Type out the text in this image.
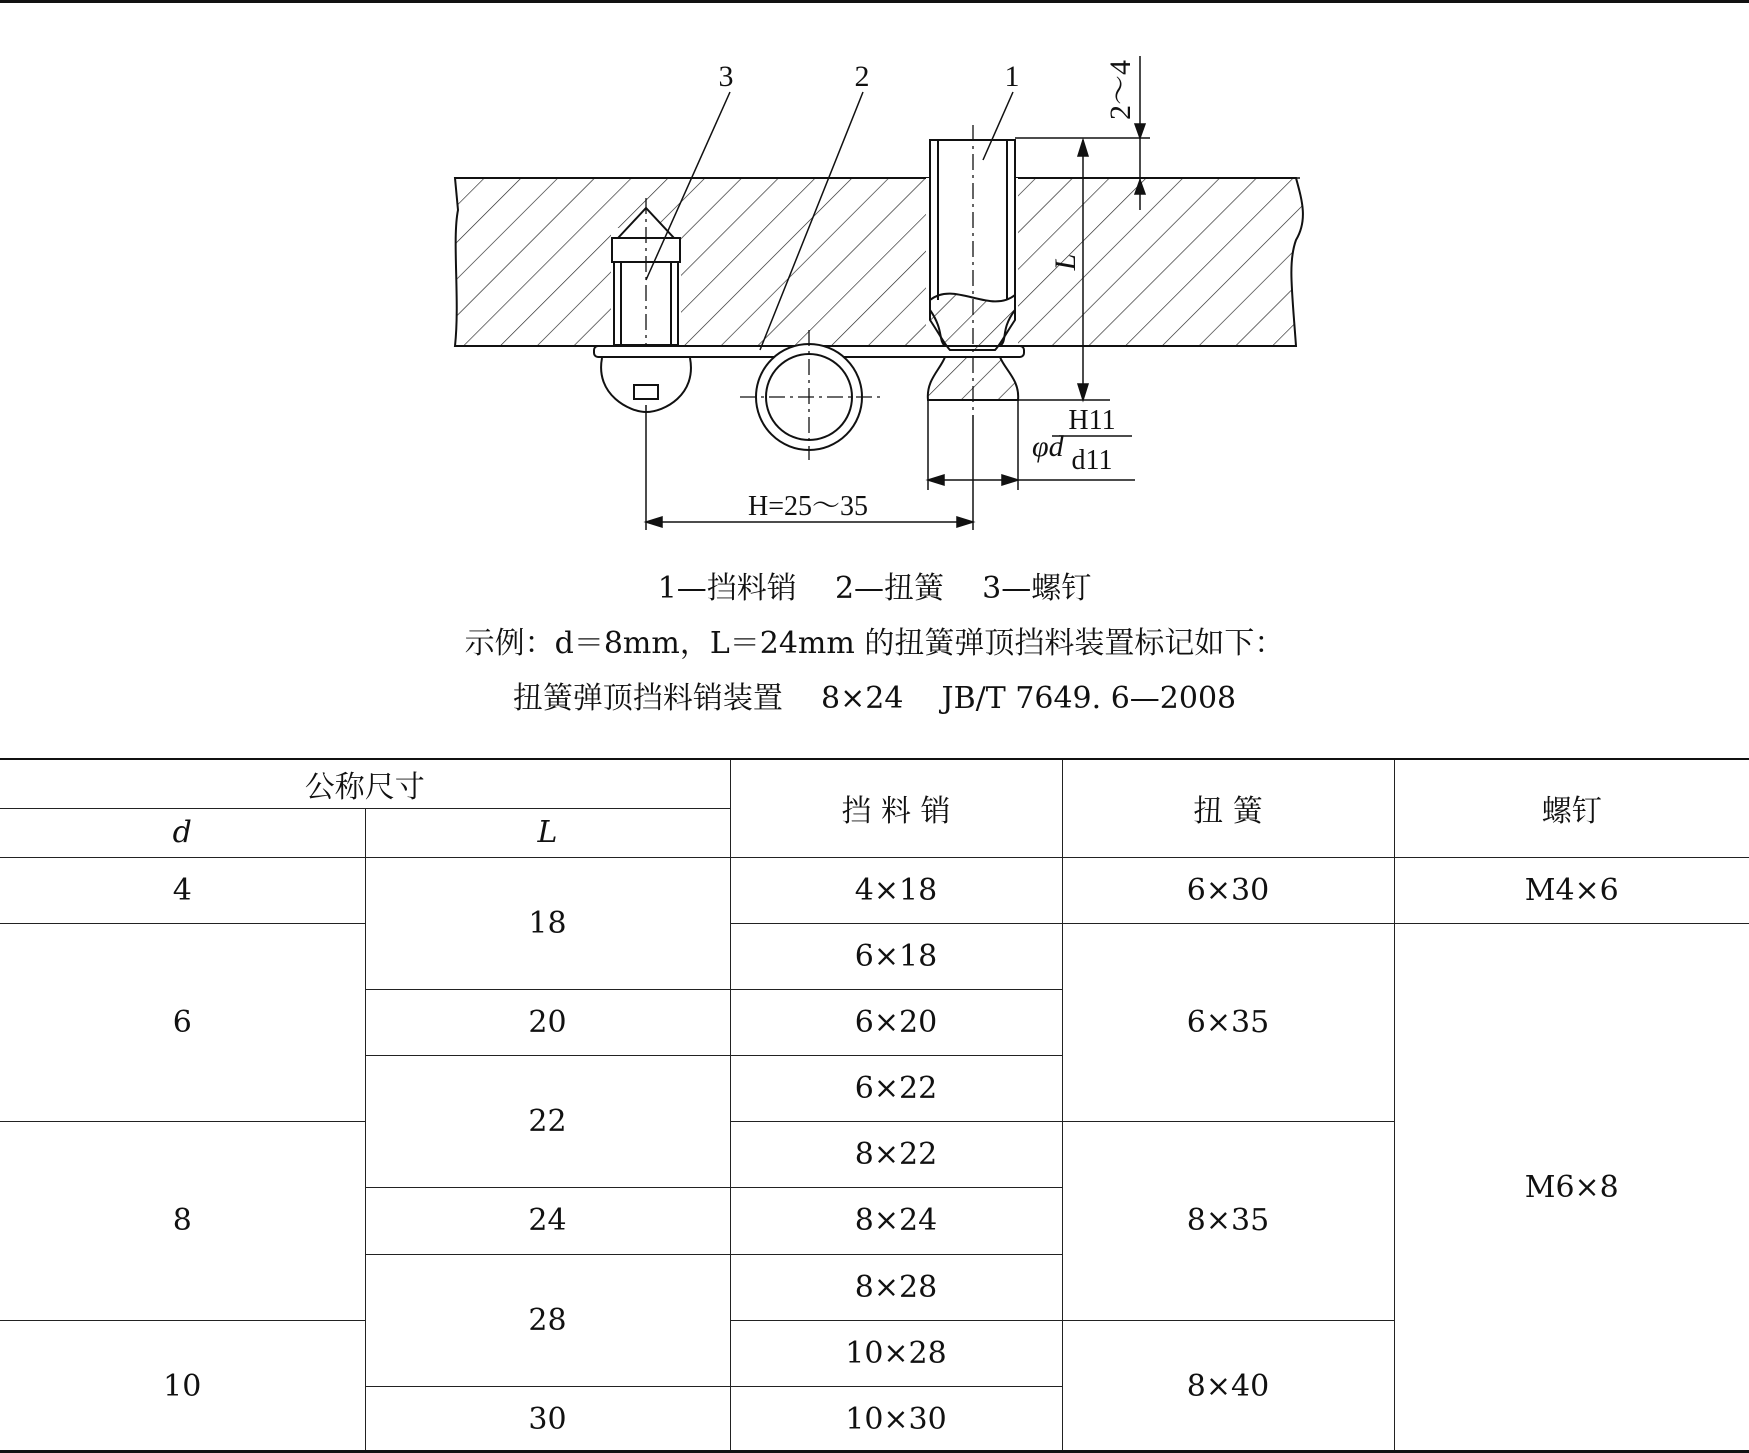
3	2	1	2～4
L
φd
H11
d11
H=25～35
1—挡料销    2—扭簧    3—螺钉
示例：d＝8mm，L＝24mm 的扭簧弹顶挡料装置标记如下：
扭簧弹顶挡料销装置    8×24    JB/T 7649. 6—2008
公称尺寸		挡 料 销	扭 簧	螺钉
d	L			
4	18	4×18	6×30	M4×6
6		6×18	6×35	M6×8
	20	6×20		
	22	6×22		
8		8×22	8×35	
	24	8×24		
	28	8×28		
10		10×28	8×40	
	30	10×30		
